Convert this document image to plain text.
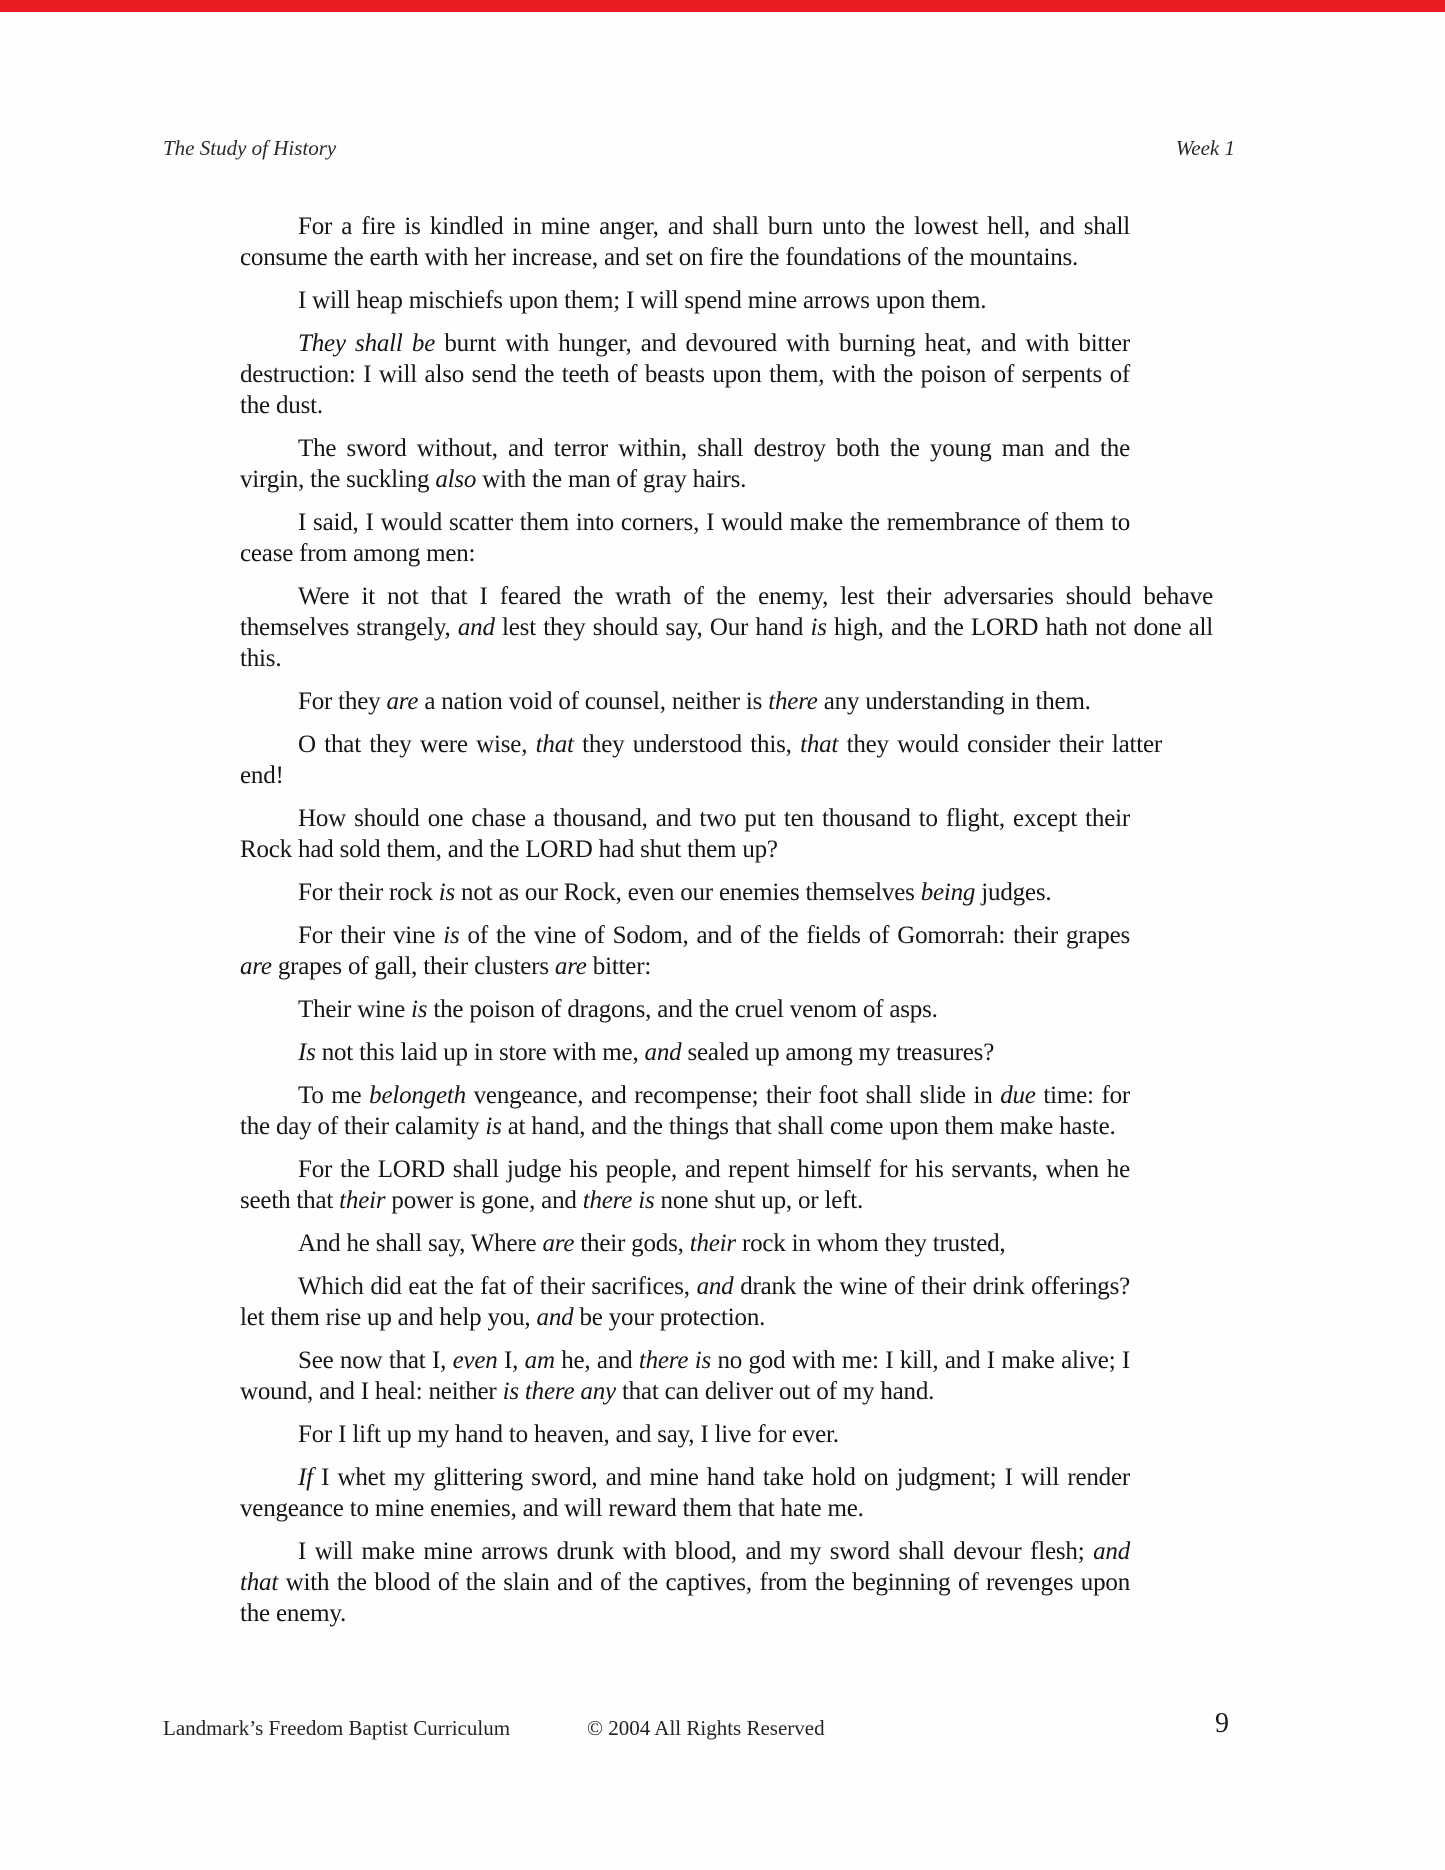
The Study of History	Week 1

For a fire is kindled in mine anger, and shall burn unto the lowest hell, and shall consume the earth with her increase, and set on fire the foundations of the mountains.

I will heap mischiefs upon them; I will spend mine arrows upon them.

They shall be burnt with hunger, and devoured with burning heat, and with bitter destruction: I will also send the teeth of beasts upon them, with the poison of serpents of the dust.

The sword without, and terror within, shall destroy both the young man and the virgin, the suckling also with the man of gray hairs.

I said, I would scatter them into corners, I would make the remembrance of them to cease from among men:

Were it not that I feared the wrath of the enemy, lest their adversaries should behave themselves strangely, and lest they should say, Our hand is high, and the LORD hath not done all this.

For they are a nation void of counsel, neither is there any understanding in them.

O that they were wise, that they understood this, that they would consider their latter end!

How should one chase a thousand, and two put ten thousand to flight, except their Rock had sold them, and the LORD had shut them up?

For their rock is not as our Rock, even our enemies themselves being judges.

For their vine is of the vine of Sodom, and of the fields of Gomorrah: their grapes are grapes of gall, their clusters are bitter:

Their wine is the poison of dragons, and the cruel venom of asps.

Is not this laid up in store with me, and sealed up among my treasures?

To me belongeth vengeance, and recompense; their foot shall slide in due time: for the day of their calamity is at hand, and the things that shall come upon them make haste.

For the LORD shall judge his people, and repent himself for his servants, when he seeth that their power is gone, and there is none shut up, or left.

And he shall say, Where are their gods, their rock in whom they trusted,

Which did eat the fat of their sacrifices, and drank the wine of their drink offerings? let them rise up and help you, and be your protection.

See now that I, even I, am he, and there is no god with me: I kill, and I make alive; I wound, and I heal: neither is there any that can deliver out of my hand.

For I lift up my hand to heaven, and say, I live for ever.

If I whet my glittering sword, and mine hand take hold on judgment; I will render vengeance to mine enemies, and will reward them that hate me.

I will make mine arrows drunk with blood, and my sword shall devour flesh; and that with the blood of the slain and of the captives, from the beginning of revenges upon the enemy.

Landmark’s Freedom Baptist Curriculum	© 2004 All Rights Reserved	9
